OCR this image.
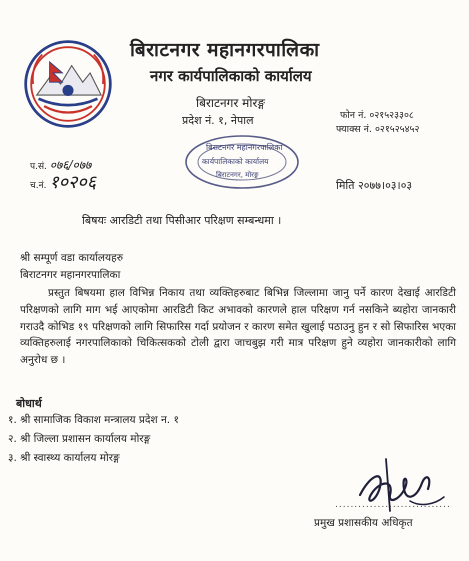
बिराटनगर महानगरपालिका
नगर कार्यपालिकाको कार्यालय
बिराटनगर मोरङ्ग
प्रदेश नं. १, नेपाल	फोन नं. ०२१५२३३०८
फ्याक्स नं. ०२१५२५४५२
बिराटनगर महानगरपालिका
कार्यपालिकाको कार्यालय
बिराटनगर, मोरङ्ग
प.सं. ०७६/०७७
च.नं. १०२०६	मिति २०७७।०३।०३
बिषयः आरडिटी तथा पिसीआर परिक्षण सम्बन्धमा ।
श्री सम्पूर्ण वडा कार्यालयहरु
बिराटनगर महानगरपालिका
प्रस्तुत बिषयमा हाल विभिन्न निकाय तथा व्यक्तिहरुबाट बिभिन्न जिल्लामा जानु पर्ने कारण देखाई आरडिटी परिक्षणको लागि माग भई आएकोमा आरडिटी किट अभावको कारणले हाल परिक्षण गर्न नसकिने ब्यहोरा जानकारी गराउदै कोभिड १९ परिक्षणको लागि सिफारिस गर्दा प्रयोजन र कारण समेत खुलाई पठाउनु हुन र सो सिफारिस भएका व्यक्तिहरुलाई नगरपालिकाको चिकित्सकको टोली द्वारा जाचबुझ गरी मात्र परिक्षण हुने व्यहोरा जानकारीको लागि अनुरोध छ ।
बोधार्थ
१. श्री सामाजिक विकाश मन्त्रालय प्रदेश न. १
२. श्री जिल्ला प्रशासन कार्यालय मोरङ्ग
३. श्री स्वास्थ्य कार्यालय मोरङ्ग
..............................
प्रमुख प्रशासकीय अधिकृत
